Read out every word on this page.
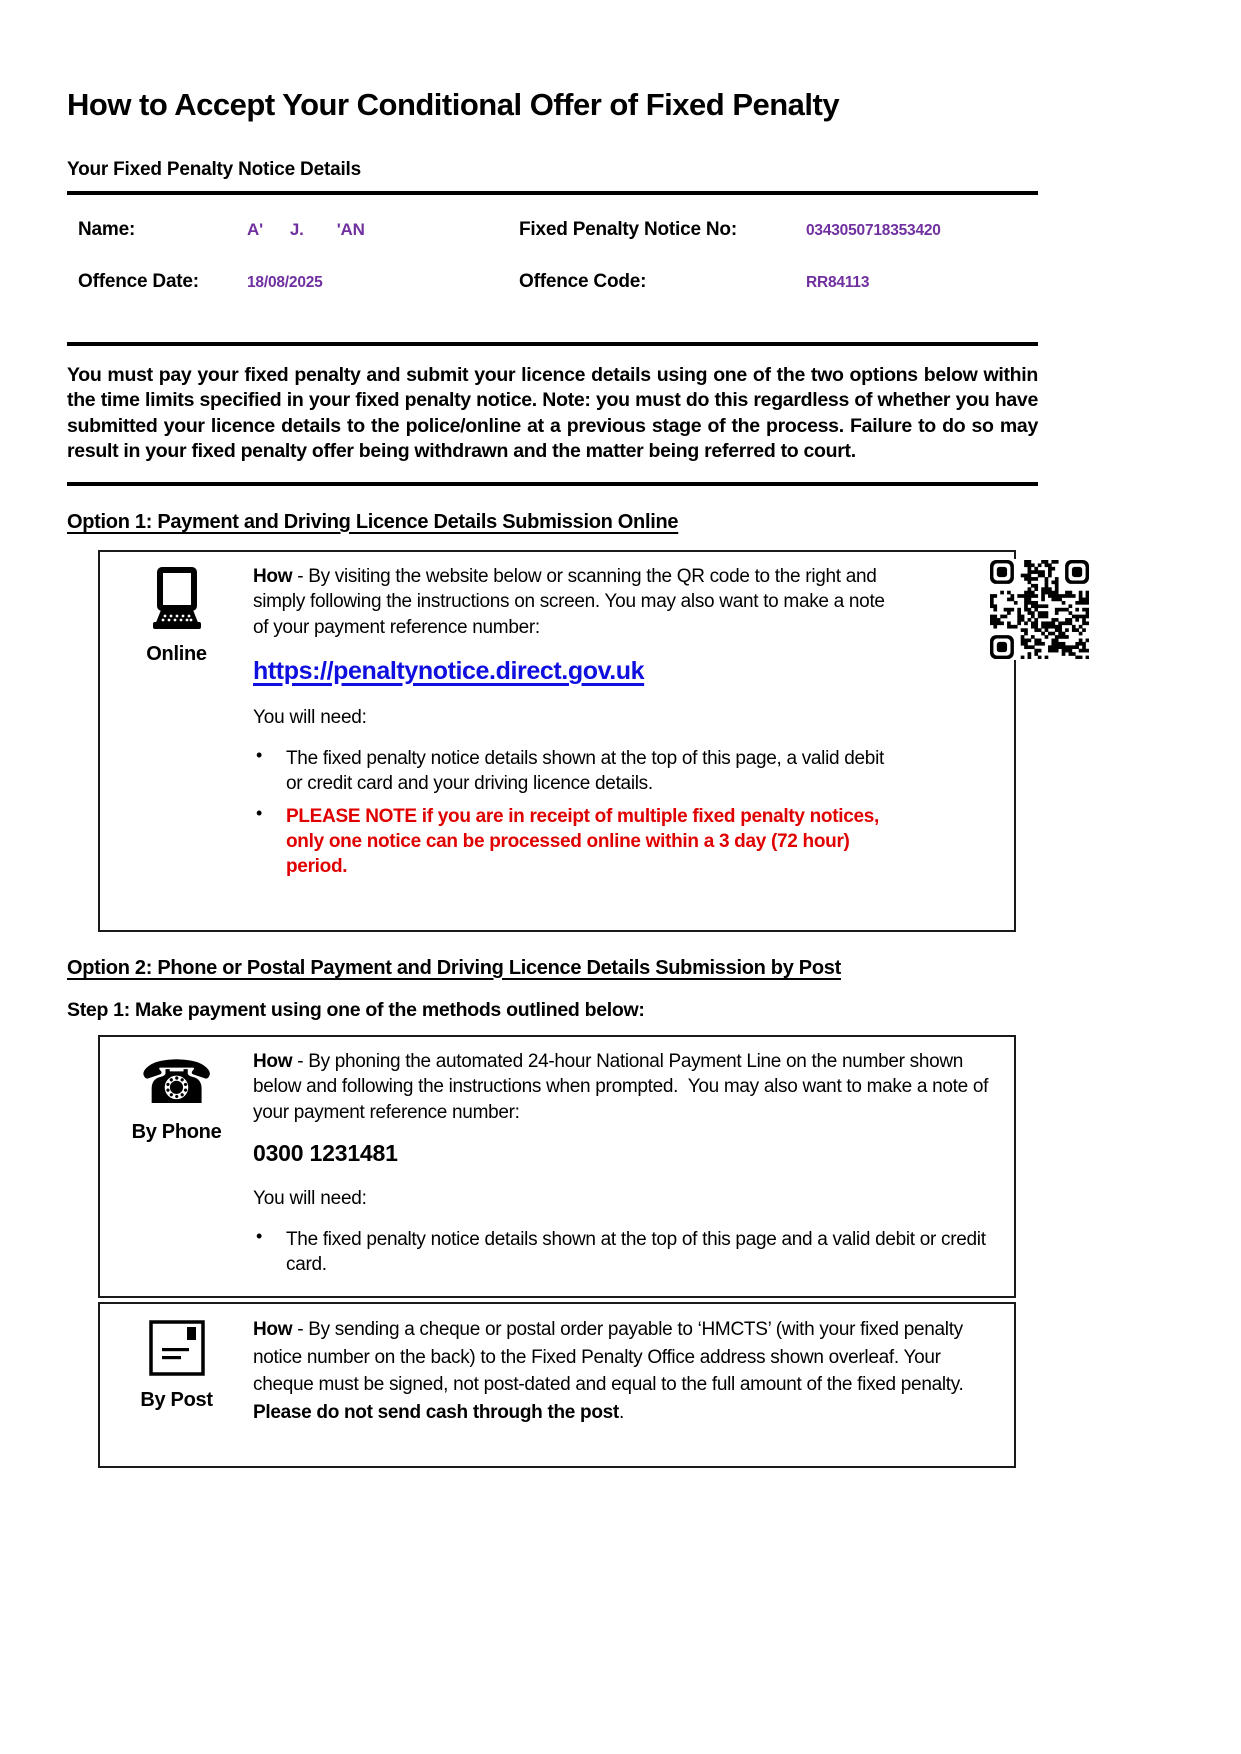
How to Accept Your Conditional Offer of Fixed Penalty
Your Fixed Penalty Notice Details
Name:	A' J. 'AN	Fixed Penalty Notice No:	0343050718353420
Offence Date:	18/08/2025	Offence Code:	RR84113

You must pay your fixed penalty and submit your licence details using one of the two options below within the time limits specified in your fixed penalty notice. Note: you must do this regardless of whether you have submitted your licence details to the police/online at a previous stage of the process. Failure to do so may result in your fixed penalty offer being withdrawn and the matter being referred to court.

Option 1: Payment and Driving Licence Details Submission Online
Online

How - By visiting the website below or scanning the QR code to the right and simply following the instructions on screen. You may also want to make a note of your payment reference number:

https://penaltynotice.direct.gov.uk

You will need:

• The fixed penalty notice details shown at the top of this page, a valid debit or credit card and your driving licence details.
• PLEASE NOTE if you are in receipt of multiple fixed penalty notices, only one notice can be processed online within a 3 day (72 hour) period.
Option 2: Phone or Postal Payment and Driving Licence Details Submission by Post
Step 1: Make payment using one of the methods outlined below:
☎
By Phone

How - By phoning the automated 24-hour National Payment Line on the number shown below and following the instructions when prompted.  You may also want to make a note of your payment reference number:

0300 1231481

You will need:

• The fixed penalty notice details shown at the top of this page and a valid debit or credit card.
By Post

How - By sending a cheque or postal order payable to ‘HMCTS’ (with your fixed penalty notice number on the back) to the Fixed Penalty Office address shown overleaf. Your cheque must be signed, not post-dated and equal to the full amount of the fixed penalty.  Please do not send cash through the post.
